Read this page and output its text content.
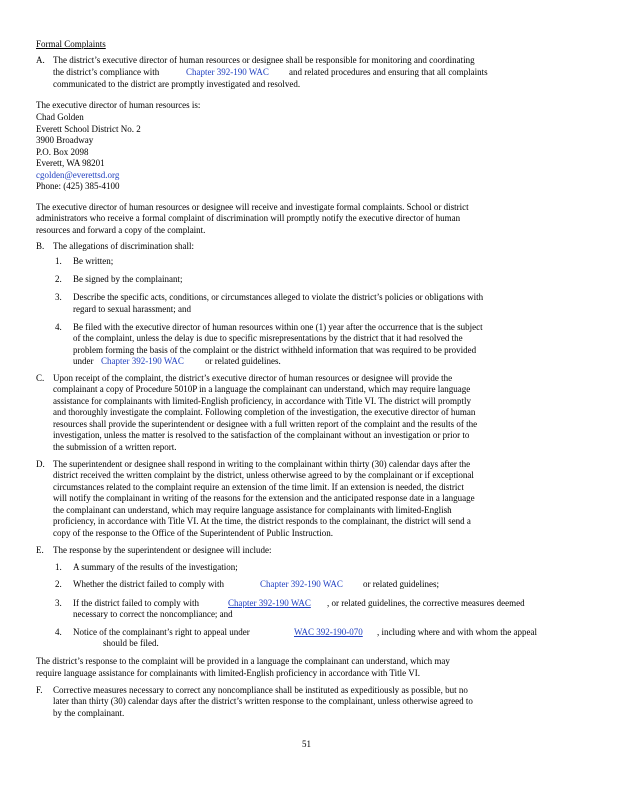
Formal Complaints
A. The district’s executive director of human resources or designee shall be responsible for monitoring and coordinating
the district’s compliance with	Chapter 392-190 WAC and related procedures and ensuring that all complaints
communicated to the district are promptly investigated and resolved.
The executive director of human resources is:
Chad Golden
Everett School District No. 2
3900 Broadway
P.O. Box 2098
Everett, WA 98201
cgolden@everettsd.org
Phone: (425) 385-4100
The executive director of human resources or designee will receive and investigate formal complaints. School or district
administrators who receive a formal complaint of discrimination will promptly notify the executive director of human
resources and forward a copy of the complaint.
B. The allegations of discrimination shall:
1. Be written;
2. Be signed by the complainant;
3. Describe the specific acts, conditions, or circumstances alleged to violate the district’s policies or obligations with
regard to sexual harassment; and
4. Be filed with the executive director of human resources within one (1) year after the occurrence that is the subject
of the complaint, unless the delay is due to specific misrepresentations by the district that it had resolved the
problem forming the basis of the complaint or the district withheld information that was required to be provided
under Chapter 392-190 WAC or related guidelines.
C. Upon receipt of the complaint, the district’s executive director of human resources or designee will provide the
complainant a copy of Procedure 5010P in a language the complainant can understand, which may require language
assistance for complainants with limited-English proficiency, in accordance with Title VI. The district will promptly
and thoroughly investigate the complaint. Following completion of the investigation, the executive director of human
resources shall provide the superintendent or designee with a full written report of the complaint and the results of the
investigation, unless the matter is resolved to the satisfaction of the complainant without an investigation or prior to
the submission of a written report.
D. The superintendent or designee shall respond in writing to the complainant within thirty (30) calendar days after the
district received the written complaint by the district, unless otherwise agreed to by the complainant or if exceptional
circumstances related to the complaint require an extension of the time limit. If an extension is needed, the district
will notify the complainant in writing of the reasons for the extension and the anticipated response date in a language
the complainant can understand, which may require language assistance for complainants with limited-English
proficiency, in accordance with Title VI. At the time, the district responds to the complainant, the district will send a
copy of the response to the Office of the Superintendent of Public Instruction.
E. The response by the superintendent or designee will include:
1. A summary of the results of the investigation;
2. Whether the district failed to comply with	Chapter 392-190 WAC or related guidelines;
3. If the district failed to comply with	Chapter 392-190 WAC , or related guidelines, the corrective measures deemed
necessary to correct the noncompliance; and
4. Notice of the complainant’s right to appeal under	WAC 392-190-070 , including where and with whom the appeal
should be filed.
The district’s response to the complaint will be provided in a language the complainant can understand, which may
require language assistance for complainants with limited-English proficiency in accordance with Title VI.
F. Corrective measures necessary to correct any noncompliance shall be instituted as expeditiously as possible, but no
later than thirty (30) calendar days after the district’s written response to the complainant, unless otherwise agreed to
by the complainant.
51
